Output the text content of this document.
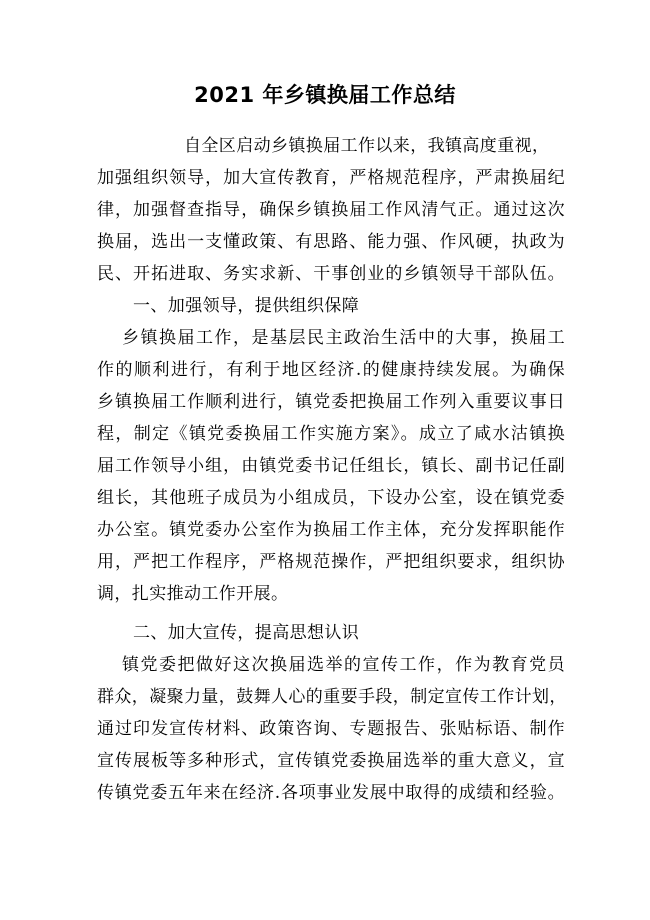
2021 年乡镇换届工作总结
自全区启动乡镇换届工作以来，我镇高度重视，
加强组织领导，加大宣传教育，严格规范程序，严肃换届纪
律，加强督查指导，确保乡镇换届工作风清气正。通过这次
换届，选出一支懂政策、有思路、能力强、作风硬，执政为
民、开拓进取、务实求新、干事创业的乡镇领导干部队伍。
一、加强领导，提供组织保障
乡镇换届工作，是基层民主政治生活中的大事，换届工
作的顺利进行，有利于地区经济.的健康持续发展。为确保
乡镇换届工作顺利进行，镇党委把换届工作列入重要议事日
程，制定《镇党委换届工作实施方案》。成立了咸水沽镇换
届工作领导小组，由镇党委书记任组长，镇长、副书记任副
组长，其他班子成员为小组成员，下设办公室，设在镇党委
办公室。镇党委办公室作为换届工作主体，充分发挥职能作
用，严把工作程序，严格规范操作，严把组织要求，组织协
调，扎实推动工作开展。
二、加大宣传，提高思想认识
镇党委把做好这次换届选举的宣传工作，作为教育党员
群众，凝聚力量，鼓舞人心的重要手段，制定宣传工作计划，
通过印发宣传材料、政策咨询、专题报告、张贴标语、制作
宣传展板等多种形式，宣传镇党委换届选举的重大意义，宣
传镇党委五年来在经济.各项事业发展中取得的成绩和经验。
